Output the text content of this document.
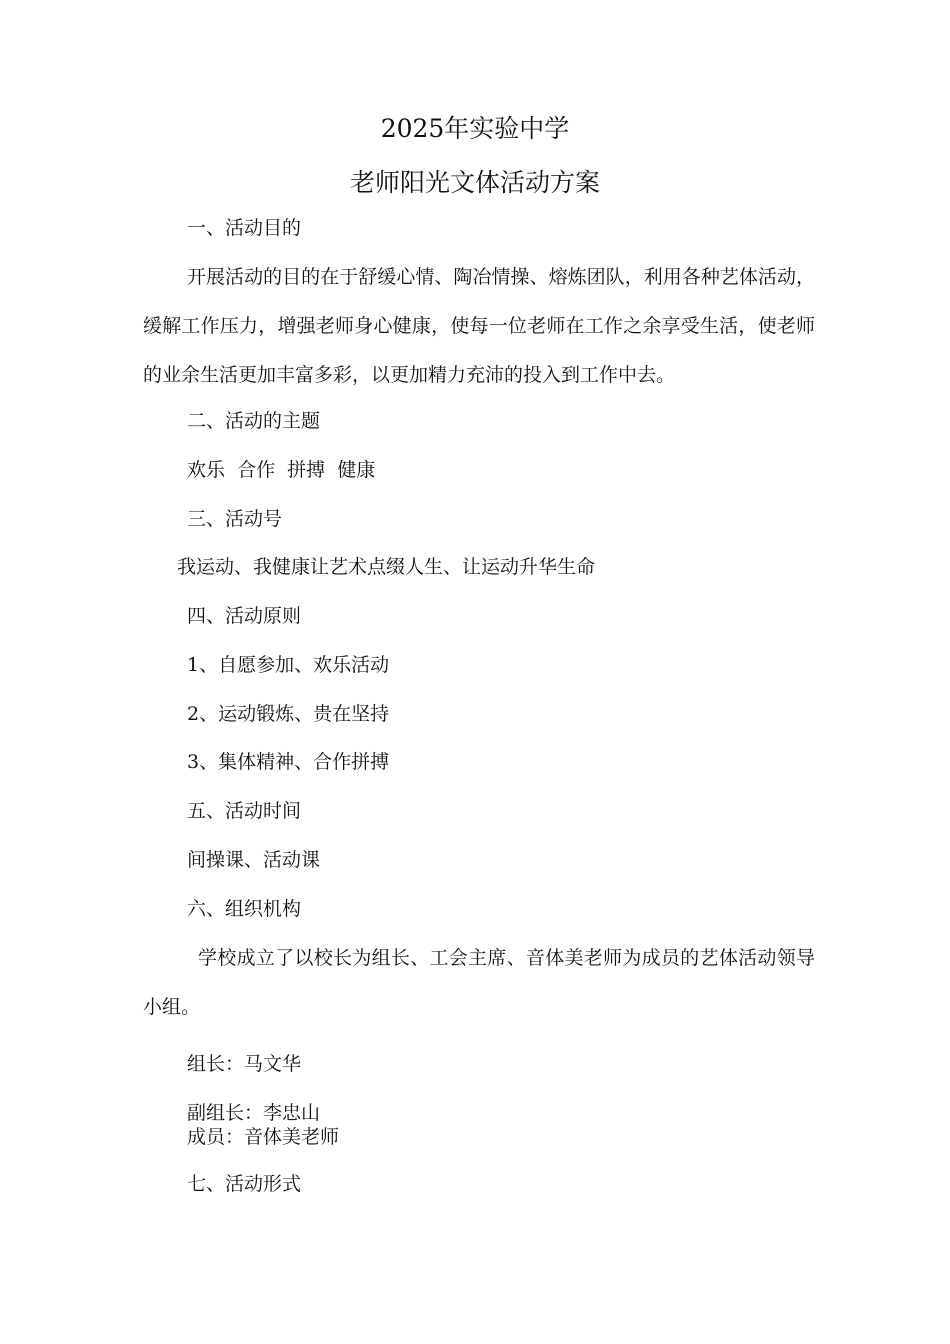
2025年实验中学
老师阳光文体活动方案

一、活动目的

开展活动的目的在于舒缓心情、陶冶情操、熔炼团队，利用各种艺体活动，缓解工作压力，增强老师身心健康，使每一位老师在工作之余享受生活，使老师的业余生活更加丰富多彩，以更加精力充沛的投入到工作中去。

二、活动的主题

欢乐  合作  拼搏  健康

三、活动号

我运动、我健康让艺术点缀人生、让运动升华生命

四、活动原则

1、自愿参加、欢乐活动

2、运动锻炼、贵在坚持

3、集体精神、合作拼搏

五、活动时间

间操课、活动课

六、组织机构

学校成立了以校长为组长、工会主席、音体美老师为成员的艺体活动领导小组。

组长：马文华

副组长：李忠山

成员：音体美老师

七、活动形式
